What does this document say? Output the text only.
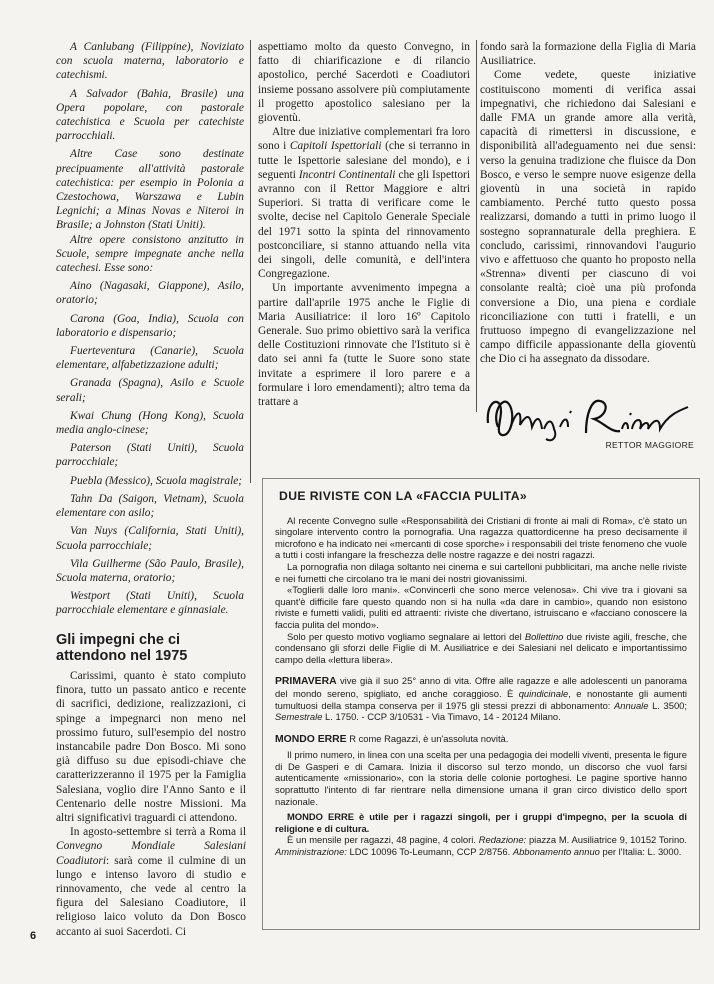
A Canlubang (Filippine), Noviziato con scuola materna, laboratorio e catechismi.

A Salvador (Bahia, Brasile) una Opera popolare, con pastorale catechistica e Scuola per catechiste parrocchiali.

Altre Case sono destinate precipuamente all'attività pastorale catechistica: per esempio in Polonia a Czestochowa, Warszawa e Lubin Legnichi; a Minas Novas e Niteroi in Brasile; a Johnston (Stati Uniti).

Altre opere consistono anzitutto in Scuole, sempre impegnate anche nella catechesi. Esse sono:

Aino (Nagasaki, Giappone), Asilo, oratorio;

Carona (Goa, India), Scuola con laboratorio e dispensario;

Fuerteventura (Canarie), Scuola elementare, alfabetizzazione adulti;

Granada (Spagna), Asilo e Scuole serali;

Kwai Chung (Hong Kong), Scuola media anglo-cinese;

Paterson (Stati Uniti), Scuola parrocchiale;

Puebla (Messico), Scuola magistrale;

Tahn Da (Saigon, Vietnam), Scuola elementare con asilo;

Van Nuys (California, Stati Uniti), Scuola parrocchiale;

Vila Guilherme (São Paulo, Brasile), Scuola materna, oratorio;

Westport (Stati Uniti), Scuola parrocchiale elementare e ginnasiale.

Gli impegni che ci attendono nel 1975

Carissimi, quanto è stato compiuto finora, tutto un passato antico e recente di sacrifici, dedizione, realizzazioni, ci spinge a impegnarci non meno nel prossimo futuro, sull'esempio del nostro instancabile padre Don Bosco. Mi sono già diffuso su due episodi-chiave che caratterizzeranno il 1975 per la Famiglia Salesiana, voglio dire l'Anno Santo e il Centenario delle nostre Missioni. Ma altri significativi traguardi ci attendono.

In agosto-settembre si terrà a Roma il Convegno Mondiale Salesiani Coadiutori: sarà come il culmine di un lungo e intenso lavoro di studio e rinnovamento, che vede al centro la figura del Salesiano Coadiutore, il religioso laico voluto da Don Bosco accanto ai suoi Sacerdoti. Ci

6

aspettiamo molto da questo Convegno, in fatto di chiarificazione e di rilancio apostolico, perché Sacerdoti e Coadiutori insieme possano assolvere più compiutamente il progetto apostolico salesiano per la gioventù.

Altre due iniziative complementari fra loro sono i Capitoli Ispettoriali (che si terranno in tutte le Ispettorie salesiane del mondo), e i seguenti Incontri Continentali che gli Ispettori avranno con il Rettor Maggiore e altri Superiori. Si tratta di verificare come le svolte, decise nel Capitolo Generale Speciale del 1971 sotto la spinta del rinnovamento postconciliare, si stanno attuando nella vita dei singoli, delle comunità, e dell'intera Congregazione.

Un importante avvenimento impegna a partire dall'aprile 1975 anche le Figlie di Maria Ausiliatrice: il loro 16º Capitolo Generale. Suo primo obiettivo sarà la verifica delle Costituzioni rinnovate che l'Istituto si è dato sei anni fa (tutte le Suore sono state invitate a esprimere il loro parere e a formulare i loro emendamenti); altro tema da trattare a

fondo sarà la formazione della Figlia di Maria Ausiliatrice.

Come vedete, queste iniziative costituiscono momenti di verifica assai impegnativi, che richiedono dai Salesiani e dalle FMA un grande amore alla verità, capacità di rimettersi in discussione, e disponibilità all'adeguamento nei due sensi: verso la genuina tradizione che fluisce da Don Bosco, e verso le sempre nuove esigenze della gioventù in una società in rapido cambiamento. Perché tutto questo possa realizzarsi, domando a tutti in primo luogo il sostegno soprannaturale della preghiera. E concludo, carissimi, rinnovandovi l'augurio vivo e affettuoso che quanto ho proposto nella «Strenna» diventi per ciascuno di voi consolante realtà; cioè una più profonda conversione a Dio, una piena e cordiale riconciliazione con tutti i fratelli, e un fruttuoso impegno di evangelizzazione nel campo difficile appassionante della gioventù che Dio ci ha assegnato da dissodare.

RETTOR MAGGIORE
DUE RIVISTE CON LA «FACCIA PULITA»

Al recente Convegno sulle «Responsabilità dei Cristiani di fronte ai mali di Roma», c'è stato un singolare intervento contro la pornografia. Una ragazza quattordicenne ha preso decisamente il microfono e ha indicato nei «mercanti di cose sporche» i responsabili del triste fenomeno che vuole a tutti i costi infangare la freschezza delle nostre ragazze e dei nostri ragazzi.

La pornografia non dilaga soltanto nei cinema e sui cartelloni pubblicitari, ma anche nelle riviste e nei fumetti che circolano tra le mani dei nostri giovanissimi.

«Toglierli dalle loro mani». «Convincerli che sono merce velenosa». Chi vive tra i giovani sa quant'è difficile fare questo quando non si ha nulla «da dare in cambio», quando non esistono riviste e fumetti validi, puliti ed attraenti: riviste che divertano, istruiscano e «facciano conoscere la faccia pulita del mondo».

Solo per questo motivo vogliamo segnalare ai lettori del Bollettino due riviste agili, fresche, che condensano gli sforzi delle Figlie di M. Ausiliatrice e dei Salesiani nel delicato e importantissimo campo della «lettura libera».

PRIMAVERA vive già il suo 25° anno di vita. Offre alle ragazze e alle adolescenti un panorama del mondo sereno, spigliato, ed anche coraggioso. È quindicinale, e nonostante gli aumenti tumultuosi della stampa conserva per il 1975 gli stessi prezzi di abbonamento: Annuale L. 3500; Semestrale L. 1750. - CCP 3/10531 - Via Timavo, 14 - 20124 Milano.

MONDO ERRE R come Ragazzi, è un'assoluta novità.

Il primo numero, in linea con una scelta per una pedagogia dei modelli viventi, presenta le figure di De Gasperi e di Camara. Inizia il discorso sul terzo mondo, un discorso che vuol farsi autenticamente «missionario», con la storia delle colonie portoghesi. Le pagine sportive hanno soprattutto l'intento di far rientrare nella dimensione umana il gran circo divistico dello sport nazionale.

MONDO ERRE è utile per i ragazzi singoli, per i gruppi d'impegno, per la scuola di religione e di cultura.

È un mensile per ragazzi, 48 pagine, 4 colori. Redazione: piazza M. Ausiliatrice 9, 10152 Torino. Amministrazione: LDC 10096 To-Leumann, CCP 2/8756. Abbonamento annuo per l'Italia: L. 3000.
